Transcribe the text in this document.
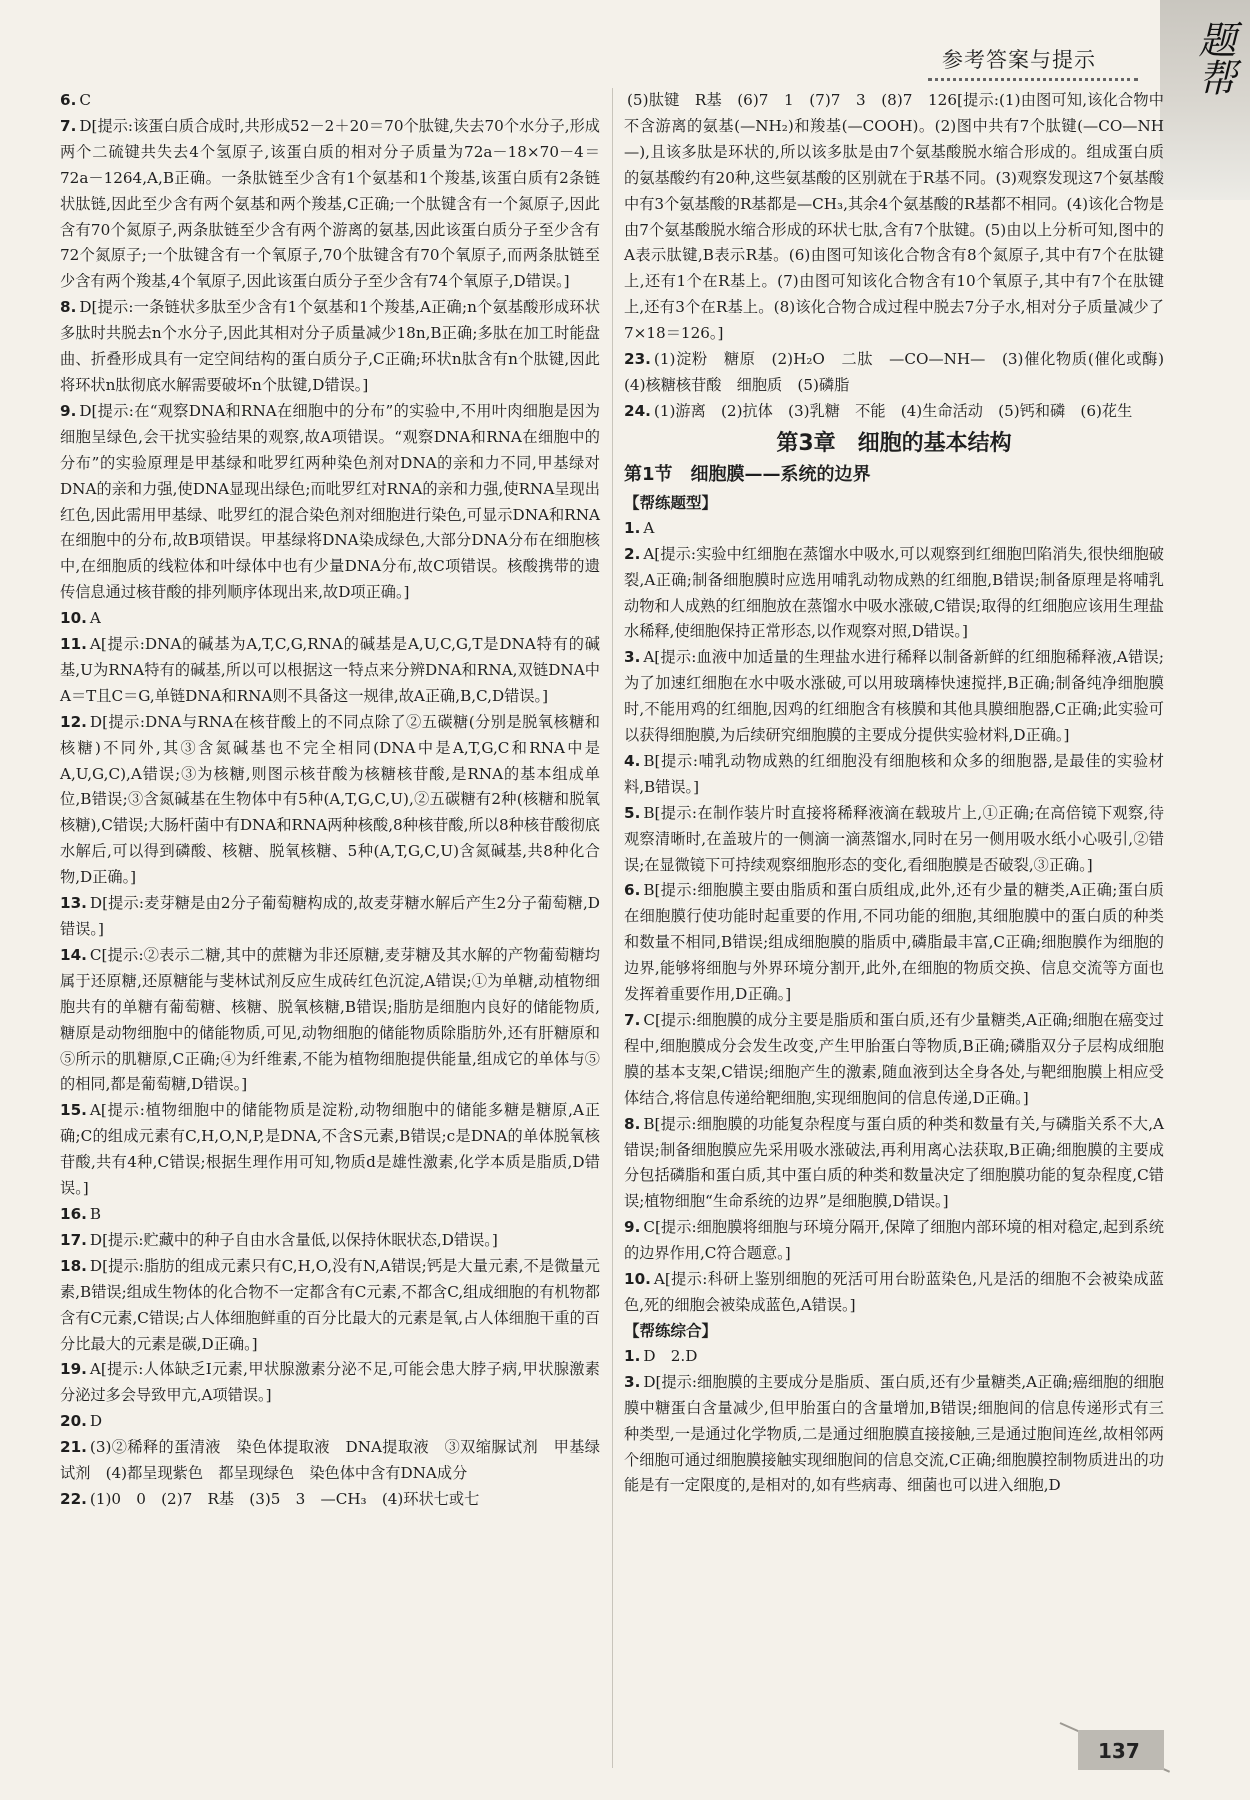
题帮
参考答案与提示

6. C

7. D[提示:该蛋白质合成时,共形成52－2＋20＝70个肽键,失去70个水分子,形成两个二硫键共失去4个氢原子,该蛋白质的相对分子质量为72a－18×70－4＝72a－1264,A,B正确。一条肽链至少含有1个氨基和1个羧基,该蛋白质有2条链状肽链,因此至少含有两个氨基和两个羧基,C正确;一个肽键含有一个氮原子,因此含有70个氮原子,两条肽链至少含有两个游离的氨基,因此该蛋白质分子至少含有72个氮原子;一个肽键含有一个氧原子,70个肽键含有70个氧原子,而两条肽链至少含有两个羧基,4个氧原子,因此该蛋白质分子至少含有74个氧原子,D错误。]

8. D[提示:一条链状多肽至少含有1个氨基和1个羧基,A正确;n个氨基酸形成环状多肽时共脱去n个水分子,因此其相对分子质量减少18n,B正确;多肽在加工时能盘曲、折叠形成具有一定空间结构的蛋白质分子,C正确;环状n肽含有n个肽键,因此将环状n肽彻底水解需要破坏n个肽键,D错误。]

9. D[提示:在“观察DNA和RNA在细胞中的分布”的实验中,不用叶肉细胞是因为细胞呈绿色,会干扰实验结果的观察,故A项错误。“观察DNA和RNA在细胞中的分布”的实验原理是甲基绿和吡罗红两种染色剂对DNA的亲和力不同,甲基绿对DNA的亲和力强,使DNA显现出绿色;而吡罗红对RNA的亲和力强,使RNA呈现出红色,因此需用甲基绿、吡罗红的混合染色剂对细胞进行染色,可显示DNA和RNA在细胞中的分布,故B项错误。甲基绿将DNA染成绿色,大部分DNA分布在细胞核中,在细胞质的线粒体和叶绿体中也有少量DNA分布,故C项错误。核酸携带的遗传信息通过核苷酸的排列顺序体现出来,故D项正确。]

10. A

11. A[提示:DNA的碱基为A,T,C,G,RNA的碱基是A,U,C,G,T是DNA特有的碱基,U为RNA特有的碱基,所以可以根据这一特点来分辨DNA和RNA,双链DNA中A＝T且C＝G,单链DNA和RNA则不具备这一规律,故A正确,B,C,D错误。]

12. D[提示:DNA与RNA在核苷酸上的不同点除了②五碳糖(分别是脱氧核糖和核糖)不同外,其③含氮碱基也不完全相同(DNA中是A,T,G,C和RNA中是A,U,G,C),A错误;③为核糖,则图示核苷酸为核糖核苷酸,是RNA的基本组成单位,B错误;③含氮碱基在生物体中有5种(A,T,G,C,U),②五碳糖有2种(核糖和脱氧核糖),C错误;大肠杆菌中有DNA和RNA两种核酸,8种核苷酸,所以8种核苷酸彻底水解后,可以得到磷酸、核糖、脱氧核糖、5种(A,T,G,C,U)含氮碱基,共8种化合物,D正确。]

13. D[提示:麦芽糖是由2分子葡萄糖构成的,故麦芽糖水解后产生2分子葡萄糖,D错误。]

14. C[提示:②表示二糖,其中的蔗糖为非还原糖,麦芽糖及其水解的产物葡萄糖均属于还原糖,还原糖能与斐林试剂反应生成砖红色沉淀,A错误;①为单糖,动植物细胞共有的单糖有葡萄糖、核糖、脱氧核糖,B错误;脂肪是细胞内良好的储能物质,糖原是动物细胞中的储能物质,可见,动物细胞的储能物质除脂肪外,还有肝糖原和⑤所示的肌糖原,C正确;④为纤维素,不能为植物细胞提供能量,组成它的单体与⑤的相同,都是葡萄糖,D错误。]

15. A[提示:植物细胞中的储能物质是淀粉,动物细胞中的储能多糖是糖原,A正确;C的组成元素有C,H,O,N,P,是DNA,不含S元素,B错误;c是DNA的单体脱氧核苷酸,共有4种,C错误;根据生理作用可知,物质d是雄性激素,化学本质是脂质,D错误。]

16. B

17. D[提示:贮藏中的种子自由水含量低,以保持休眠状态,D错误。]

18. D[提示:脂肪的组成元素只有C,H,O,没有N,A错误;钙是大量元素,不是微量元素,B错误;组成生物体的化合物不一定都含有C元素,不都含C,组成细胞的有机物都含有C元素,C错误;占人体细胞鲜重的百分比最大的元素是氧,占人体细胞干重的百分比最大的元素是碳,D正确。]

19. A[提示:人体缺乏I元素,甲状腺激素分泌不足,可能会患大脖子病,甲状腺激素分泌过多会导致甲亢,A项错误。]

20. D

21. (3)②稀释的蛋清液　染色体提取液　DNA提取液　③双缩脲试剂　甲基绿试剂　(4)都呈现紫色　都呈现绿色　染色体中含有DNA成分

22. (1)0　0　(2)7　R基　(3)5　3　—CH₃　(4)环状七或七

(5)肽键　R基　(6)7　1　(7)7　3　(8)7　126[提示:(1)由图可知,该化合物中不含游离的氨基(—NH₂)和羧基(—COOH)。(2)图中共有7个肽键(—CO—NH—),且该多肽是环状的,所以该多肽是由7个氨基酸脱水缩合形成的。组成蛋白质的氨基酸约有20种,这些氨基酸的区别就在于R基不同。(3)观察发现这7个氨基酸中有3个氨基酸的R基都是—CH₃,其余4个氨基酸的R基都不相同。(4)该化合物是由7个氨基酸脱水缩合形成的环状七肽,含有7个肽键。(5)由以上分析可知,图中的A表示肽键,B表示R基。(6)由图可知该化合物含有8个氮原子,其中有7个在肽键上,还有1个在R基上。(7)由图可知该化合物含有10个氧原子,其中有7个在肽键上,还有3个在R基上。(8)该化合物合成过程中脱去7分子水,相对分子质量减少了7×18＝126。]

23. (1)淀粉　糖原　(2)H₂O　二肽　—CO—NH—　(3)催化物质(催化或酶)　(4)核糖核苷酸　细胞质　(5)磷脂

24. (1)游离　(2)抗体　(3)乳糖　不能　(4)生命活动　(5)钙和磷　(6)花生

第3章　细胞的基本结构
第1节　细胞膜——系统的边界
【帮练题型】

1. A

2. A[提示:实验中红细胞在蒸馏水中吸水,可以观察到红细胞凹陷消失,很快细胞破裂,A正确;制备细胞膜时应选用哺乳动物成熟的红细胞,B错误;制备原理是将哺乳动物和人成熟的红细胞放在蒸馏水中吸水涨破,C错误;取得的红细胞应该用生理盐水稀释,使细胞保持正常形态,以作观察对照,D错误。]

3. A[提示:血液中加适量的生理盐水进行稀释以制备新鲜的红细胞稀释液,A错误;为了加速红细胞在水中吸水涨破,可以用玻璃棒快速搅拌,B正确;制备纯净细胞膜时,不能用鸡的红细胞,因鸡的红细胞含有核膜和其他具膜细胞器,C正确;此实验可以获得细胞膜,为后续研究细胞膜的主要成分提供实验材料,D正确。]

4. B[提示:哺乳动物成熟的红细胞没有细胞核和众多的细胞器,是最佳的实验材料,B错误。]

5. B[提示:在制作装片时直接将稀释液滴在载玻片上,①正确;在高倍镜下观察,待观察清晰时,在盖玻片的一侧滴一滴蒸馏水,同时在另一侧用吸水纸小心吸引,②错误;在显微镜下可持续观察细胞形态的变化,看细胞膜是否破裂,③正确。]

6. B[提示:细胞膜主要由脂质和蛋白质组成,此外,还有少量的糖类,A正确;蛋白质在细胞膜行使功能时起重要的作用,不同功能的细胞,其细胞膜中的蛋白质的种类和数量不相同,B错误;组成细胞膜的脂质中,磷脂最丰富,C正确;细胞膜作为细胞的边界,能够将细胞与外界环境分割开,此外,在细胞的物质交换、信息交流等方面也发挥着重要作用,D正确。]

7. C[提示:细胞膜的成分主要是脂质和蛋白质,还有少量糖类,A正确;细胞在癌变过程中,细胞膜成分会发生改变,产生甲胎蛋白等物质,B正确;磷脂双分子层构成细胞膜的基本支架,C错误;细胞产生的激素,随血液到达全身各处,与靶细胞膜上相应受体结合,将信息传递给靶细胞,实现细胞间的信息传递,D正确。]

8. B[提示:细胞膜的功能复杂程度与蛋白质的种类和数量有关,与磷脂关系不大,A错误;制备细胞膜应先采用吸水涨破法,再利用离心法获取,B正确;细胞膜的主要成分包括磷脂和蛋白质,其中蛋白质的种类和数量决定了细胞膜功能的复杂程度,C错误;植物细胞“生命系统的边界”是细胞膜,D错误。]

9. C[提示:细胞膜将细胞与环境分隔开,保障了细胞内部环境的相对稳定,起到系统的边界作用,C符合题意。]

10. A[提示:科研上鉴别细胞的死活可用台盼蓝染色,凡是活的细胞不会被染成蓝色,死的细胞会被染成蓝色,A错误。]

【帮练综合】

1. D　2.D

3. D[提示:细胞膜的主要成分是脂质、蛋白质,还有少量糖类,A正确;癌细胞的细胞膜中糖蛋白含量减少,但甲胎蛋白的含量增加,B错误;细胞间的信息传递形式有三种类型,一是通过化学物质,二是通过细胞膜直接接触,三是通过胞间连丝,故相邻两个细胞可通过细胞膜接触实现细胞间的信息交流,C正确;细胞膜控制物质进出的功能是有一定限度的,是相对的,如有些病毒、细菌也可以进入细胞,D

137
